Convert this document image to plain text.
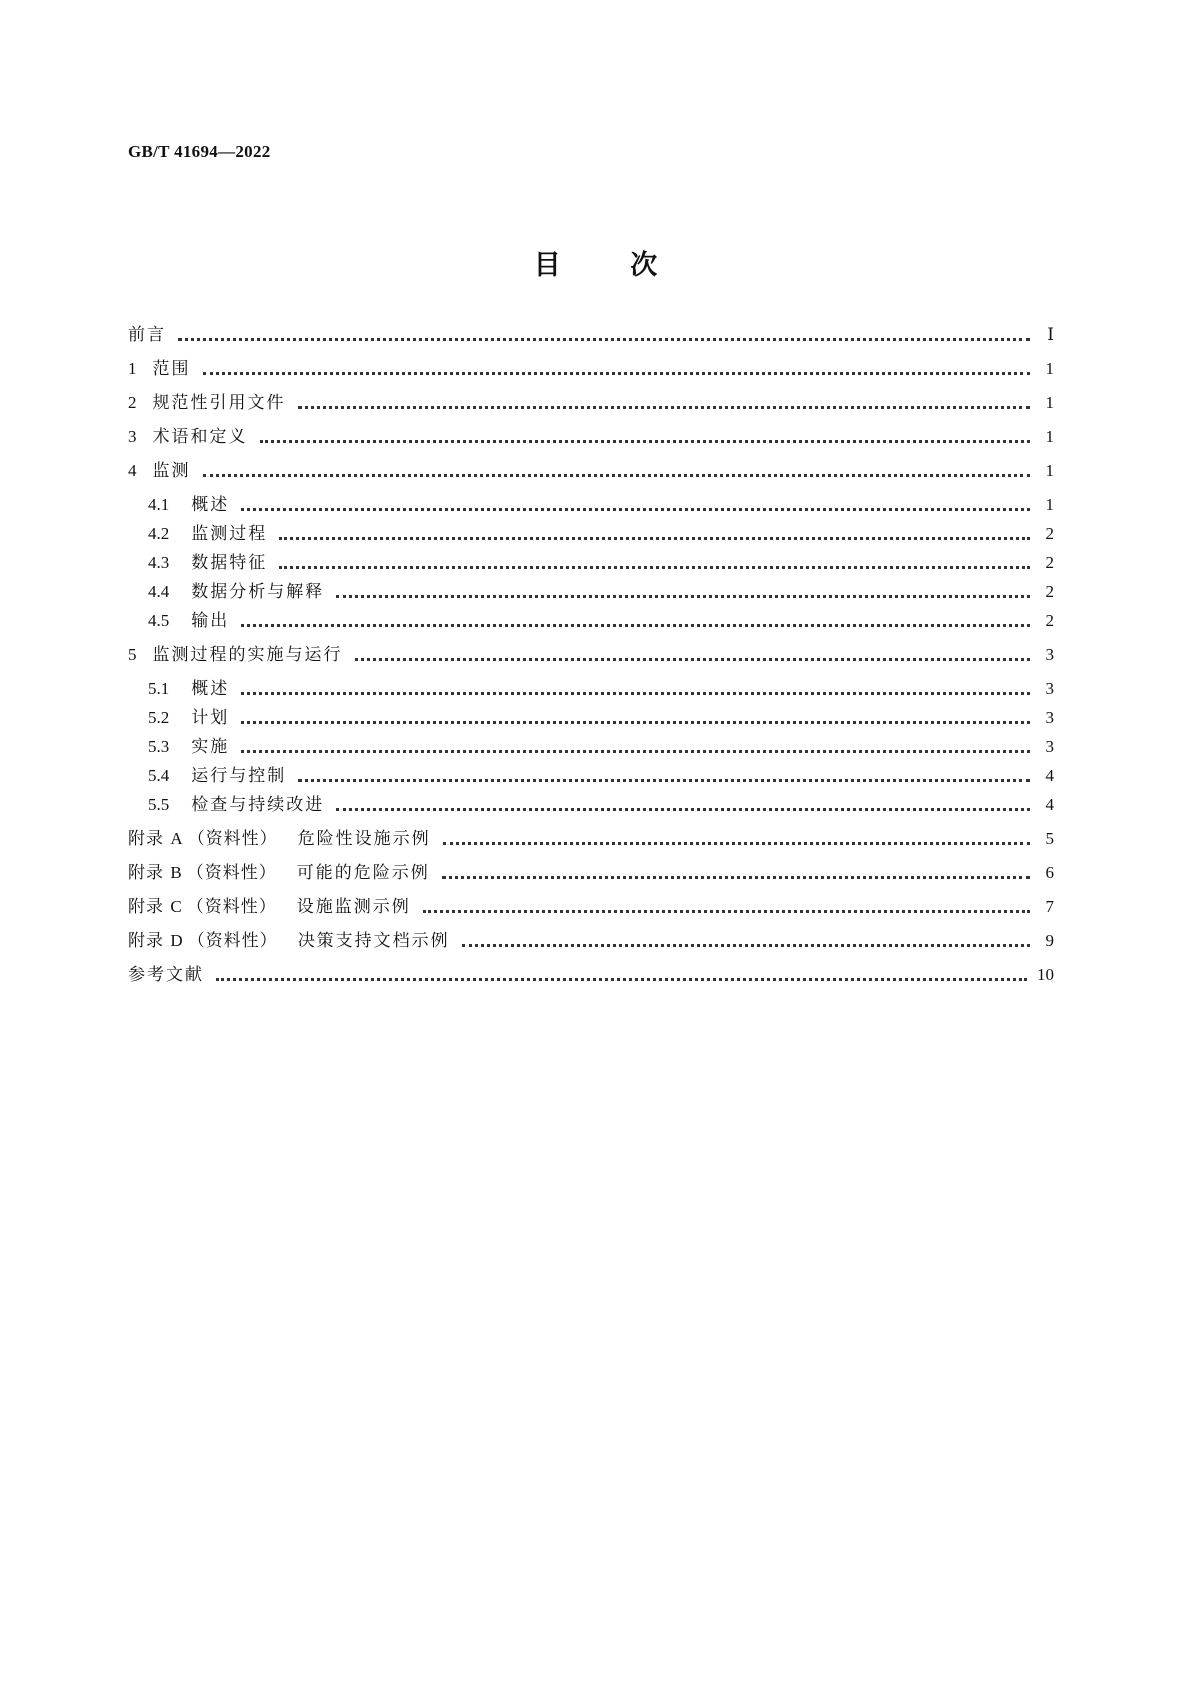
GB/T 41694—2022
目 次
前言	Ⅰ
1 范围	1
2 规范性引用文件	1
3 术语和定义	1
4 监测	1
4.1 概述	1
4.2 监测过程	2
4.3 数据特征	2
4.4 数据分析与解释	2
4.5 输出	2
5 监测过程的实施与运行	3
5.1 概述	3
5.2 计划	3
5.3 实施	3
5.4 运行与控制	4
5.5 检查与持续改进	4
附录 A （资料性） 危险性设施示例	5
附录 B （资料性） 可能的危险示例	6
附录 C （资料性） 设施监测示例	7
附录 D （资料性） 决策支持文档示例	9
参考文献	10
